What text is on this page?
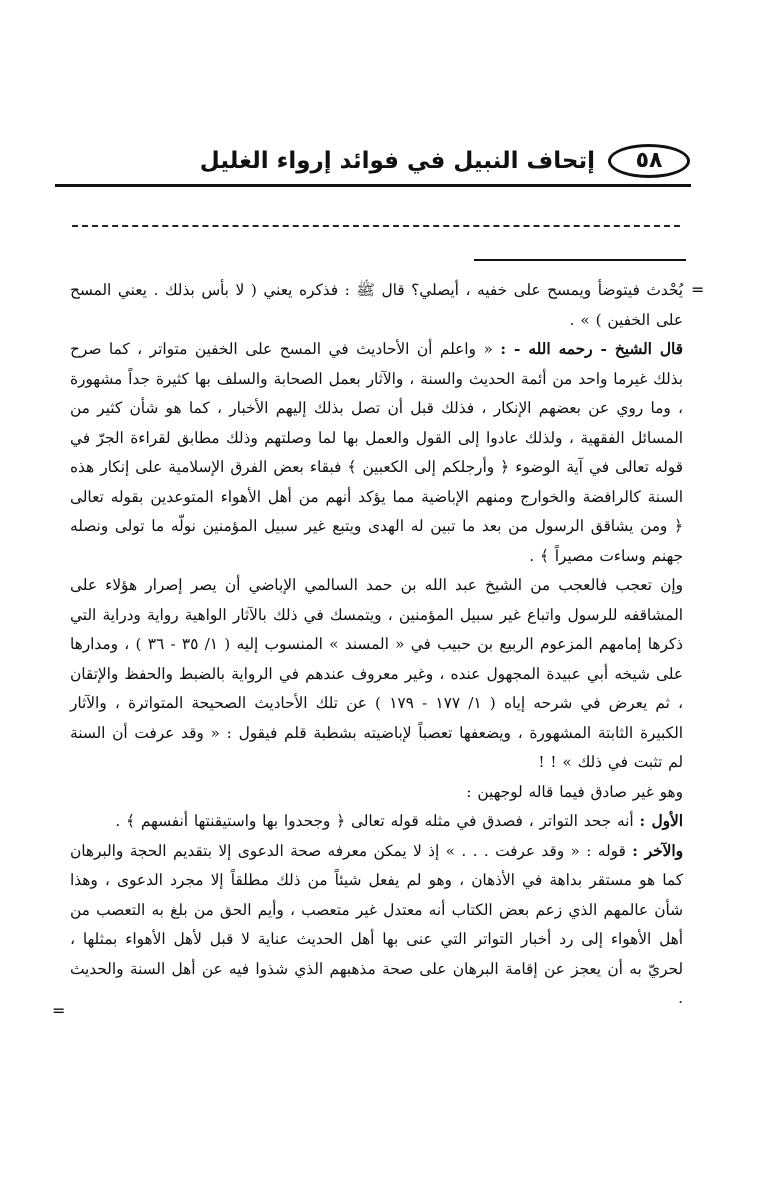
إتحاف النبيل في فوائد إرواء الغليل	٥٨
=
=

يُحْدث فيتوضأ ويمسح على خفيه ، أيصلي؟ قال ﷺ : فذكره يعني ( لا بأس بذلك . يعني المسح على الخفين ) » .

قال الشيخ - رحمه الله - : « واعلم أن الأحاديث في المسح على الخفين متواتر ، كما صرح بذلك غيرما واحد من أئمة الحديث والسنة ، والآثار بعمل الصحابة والسلف بها كثيرة جداً مشهورة ، وما روي عن بعضهم الإنكار ، فذلك قبل أن تصل بذلك إليهم الأخبار ، كما هو شأن كثير من المسائل الفقهية ، ولذلك عادوا إلى القول والعمل بها لما وصلتهم وذلك مطابق لقراءة الجرّ في قوله تعالى في آية الوضوء ﴿ وأرجلكم إلى الكعبين ﴾ فبقاء بعض الفرق الإسلامية على إنكار هذه السنة كالرافضة والخوارج ومنهم الإباضية مما يؤكد أنهم من أهل الأهواء المتوعدين بقوله تعالى ﴿ ومن يشاقق الرسول من بعد ما تبين له الهدى ويتبع غير سبيل المؤمنين نولّه ما تولى ونصله جهنم وساءت مصيراً ﴾ .

وإن تعجب فالعجب من الشيخ عبد الله بن حمد السالمي الإباضي أن يصر إصرار هؤلاء على المشاقفه للرسول واتباع غير سبيل المؤمنين ، ويتمسك في ذلك بالآثار الواهية رواية ودراية التي ذكرها إمامهم المزعوم الربيع بن حبيب في « المسند » المنسوب إليه ( ١/ ٣٥ - ٣٦ ) ، ومدارها على شيخه أبي عبيدة المجهول عنده ، وغير معروف عندهم في الرواية بالضبط والحفظ والإتقان ، ثم يعرض في شرحه إياه ( ١/ ١٧٧ - ١٧٩ ) عن تلك الأحاديث الصحيحة المتواترة ، والآثار الكبيرة الثابتة المشهورة ، ويضعفها تعصباً لإباضيته بشطبة قلم فيقول : « وقد عرفت أن السنة لم تثبت في ذلك » ! !

وهو غير صادق فيما قاله لوجهين :

الأول : أنه جحد التواتر ، فصدق في مثله قوله تعالى ﴿ وجحدوا بها واستيقنتها أنفسهم ﴾ .

والآخر : قوله : « وقد عرفت . . . » إذ لا يمكن معرفه صحة الدعوى إلا بتقديم الحجة والبرهان كما هو مستقر بداهة في الأذهان ، وهو لم يفعل شيئاً من ذلك مطلقاً إلا مجرد الدعوى ، وهذا شأن عالمهم الذي زعم بعض الكتاب أنه معتدل غير متعصب ، وأيم الحق من بلغ به التعصب من أهل الأهواء إلى رد أخبار التواتر التي عنى بها أهل الحديث عناية لا قبل لأهل الأهواء بمثلها ، لحريّ به أن يعجز عن إقامة البرهان على صحة مذهبهم الذي شذوا فيه عن أهل السنة والحديث .
